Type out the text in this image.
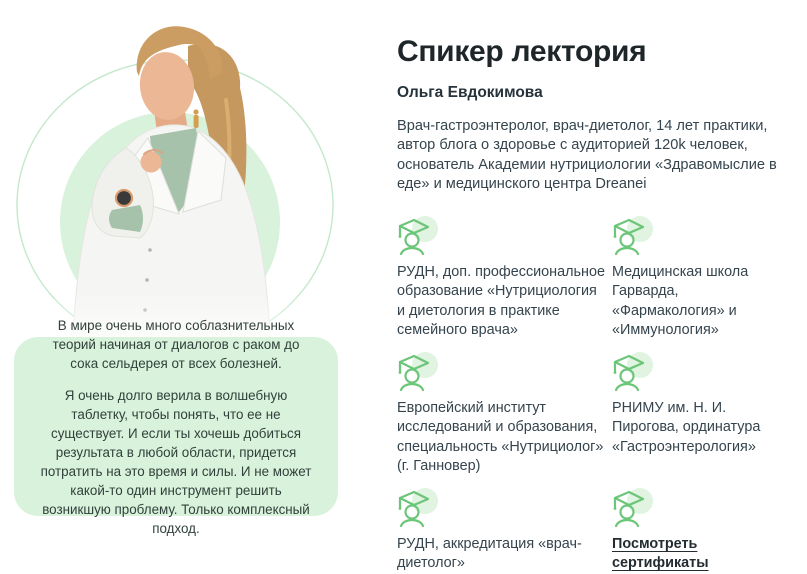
В мире очень много соблазнительных теорий начиная от диалогов с раком до сока сельдерея от всех болезней.

Я очень долго верила в волшебную таблетку, чтобы понять, что ее не существует. И если ты хочешь добиться результата в любой области, придется потратить на это время и силы. И не может какой-то один инструмент решить возникшую проблему. Только комплексный подход.

Спикер лектория
Ольга Евдокимова

Врач-гастроэнтеролог, врач-диетолог, 14 лет практики, автор блога о здоровье с аудиторией 120k человек, основатель Академии нутрициологии «Здравомыслие в еде» и медицинского центра Dreanei

РУДН, доп. профессиональное образование «Нутрициология и диетология в практике семейного врача»
Медицинская школа Гарварда, «Фармакология» и «Иммунология»
Европейский институт исследований и образования, специальность «Нутрициолог» (г. Ганновер)
РНИМУ им. Н. И. Пирогова, ординатура «Гастроэнтерология»
РУДН, аккредитация «врач-диетолог»
Посмотреть сертификаты
